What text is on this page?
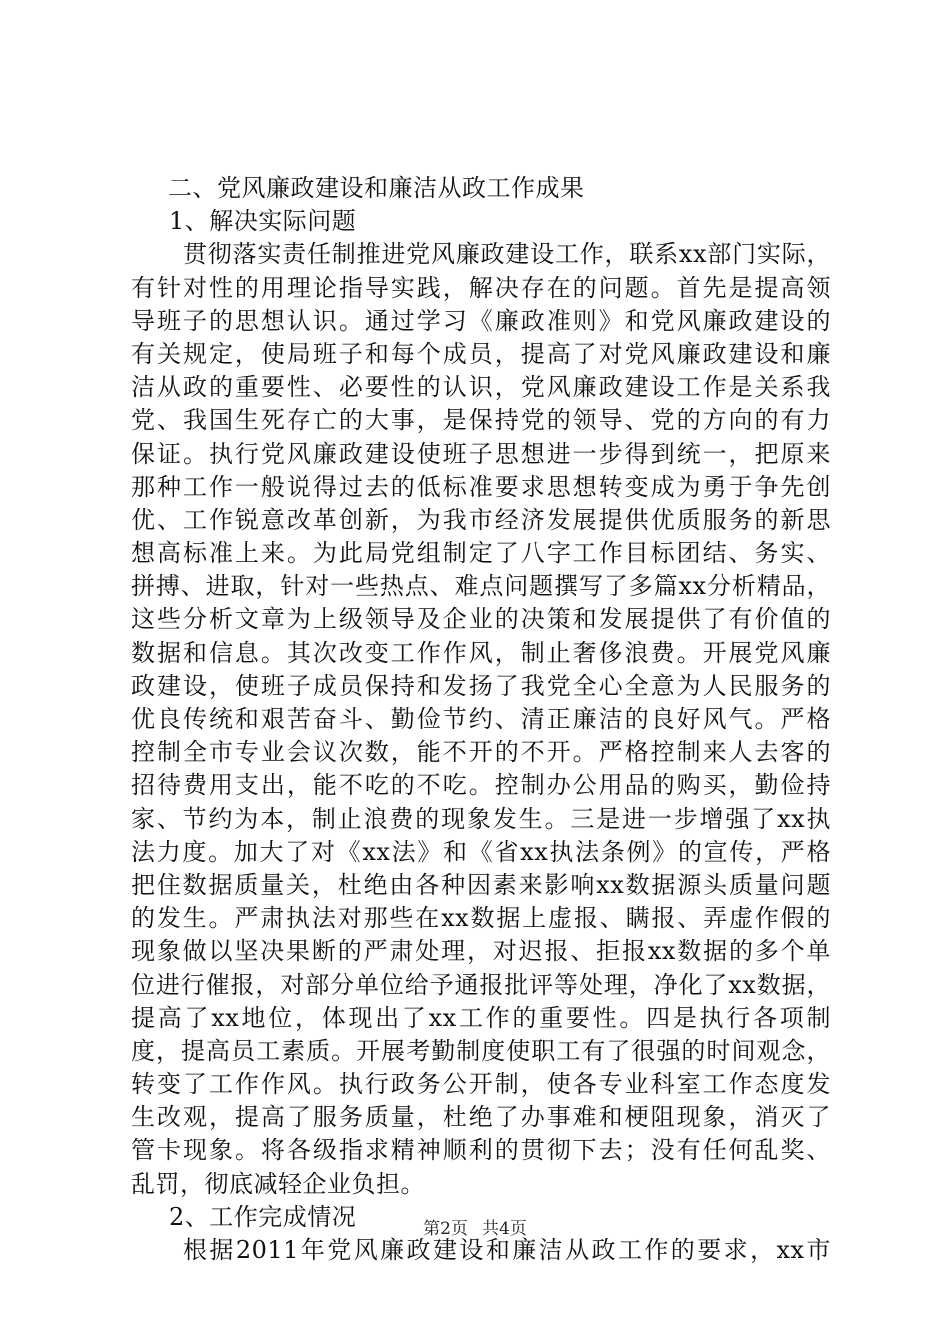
二、党风廉政建设和廉洁从政工作成果
1、解决实际问题
贯彻落实责任制推进党风廉政建设工作，联系xx部门实际，
有针对性的用理论指导实践，解决存在的问题。首先是提高领
导班子的思想认识。通过学习《廉政准则》和党风廉政建设的
有关规定，使局班子和每个成员，提高了对党风廉政建设和廉
洁从政的重要性、必要性的认识，党风廉政建设工作是关系我
党、我国生死存亡的大事，是保持党的领导、党的方向的有力
保证。执行党风廉政建设使班子思想进一步得到统一，把原来
那种工作一般说得过去的低标准要求思想转变成为勇于争先创
优、工作锐意改革创新，为我市经济发展提供优质服务的新思
想高标准上来。为此局党组制定了八字工作目标团结、务实、
拼搏、进取，针对一些热点、难点问题撰写了多篇xx分析精品，
这些分析文章为上级领导及企业的决策和发展提供了有价值的
数据和信息。其次改变工作作风，制止奢侈浪费。开展党风廉
政建设，使班子成员保持和发扬了我党全心全意为人民服务的
优良传统和艰苦奋斗、勤俭节约、清正廉洁的良好风气。严格
控制全市专业会议次数，能不开的不开。严格控制来人去客的
招待费用支出，能不吃的不吃。控制办公用品的购买，勤俭持
家、节约为本，制止浪费的现象发生。三是进一步增强了xx执
法力度。加大了对《xx法》和《省xx执法条例》的宣传，严格
把住数据质量关，杜绝由各种因素来影响xx数据源头质量问题
的发生。严肃执法对那些在xx数据上虚报、瞒报、弄虚作假的
现象做以坚决果断的严肃处理，对迟报、拒报xx数据的多个单
位进行催报，对部分单位给予通报批评等处理，净化了xx数据，
提高了xx地位，体现出了xx工作的重要性。四是执行各项制
度，提高员工素质。开展考勤制度使职工有了很强的时间观念，
转变了工作作风。执行政务公开制，使各专业科室工作态度发
生改观，提高了服务质量，杜绝了办事难和梗阻现象，消灭了
管卡现象。将各级指求精神顺利的贯彻下去；没有任何乱奖、
乱罚，彻底减轻企业负担。
2、工作完成情况
根据2011年党风廉政建设和廉洁从政工作的要求，xx市
第2页 共4页
